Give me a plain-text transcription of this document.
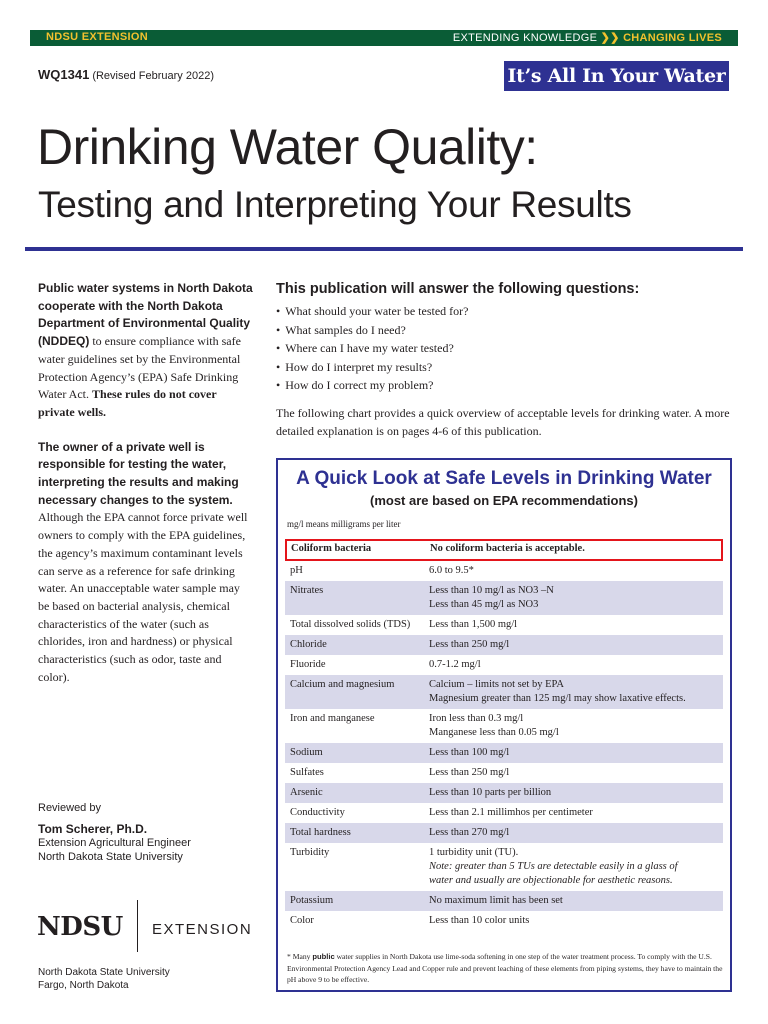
NDSU EXTENSION	EXTENDING KNOWLEDGE ❯❯ CHANGING LIVES
WQ1341 (Revised February 2022)	It’s All In Your Water
Drinking Water Quality:
Testing and Interpreting Your Results

Public water systems in North Dakota cooperate with the North Dakota Department of Environmental Quality (NDDEQ) to ensure compliance with safe water guidelines set by the Environmental Protection Agency’s (EPA) Safe Drinking Water Act. These rules do not cover private wells.

The owner of a private well is responsible for testing the water, interpreting the results and making necessary changes to the system. Although the EPA cannot force private well owners to comply with the EPA guidelines, the agency’s maximum contaminant levels can serve as a reference for safe drinking water. An unacceptable water sample may be based on bacterial analysis, chemical characteristics of the water (such as chlorides, iron and hardness) or physical characteristics (such as odor, taste and color).

Reviewed by
Tom Scherer, Ph.D.
Extension Agricultural Engineer
North Dakota State University
NDSU EXTENSION
North Dakota State University
Fargo, North Dakota
This publication will answer the following questions:
• What should your water be tested for?
• What samples do I need?
• Where can I have my water tested?
• How do I interpret my results?
• How do I correct my problem?

The following chart provides a quick overview of acceptable levels for drinking water. A more detailed explanation is on pages 4-6 of this publication.

A Quick Look at Safe Levels in Drinking Water
(most are based on EPA recommendations)
mg/l means milligrams per liter
Coliform bacteria	No coliform bacteria is acceptable.
pH	6.0 to 9.5*
Nitrates	Less than 10 mg/l as NO3 –N
Less than 45 mg/l as NO3
Total dissolved solids (TDS) Less than 1,500 mg/l
Chloride	Less than 250 mg/l
Fluoride	0.7-1.2 mg/l
Calcium and magnesium	Calcium – limits not set by EPA
Magnesium greater than 125 mg/l may show laxative effects.
Iron and manganese	Iron less than 0.3 mg/l
Manganese less than 0.05 mg/l
Sodium	Less than 100 mg/l
Sulfates	Less than 250 mg/l
Arsenic	Less than 10 parts per billion
Conductivity	Less than 2.1 millimhos per centimeter
Total hardness	Less than 270 mg/l
Turbidity	1 turbidity unit (TU).
Note: greater than 5 TUs are detectable easily in a glass of
water and usually are objectionable for aesthetic reasons.
Potassium	No maximum limit has been set
Color	Less than 10 color units
* Many public water supplies in North Dakota use lime-soda softening in one step of the water treatment process. To comply with the U.S. Environmental Protection Agency Lead and Copper rule and prevent leaching of these elements from piping systems, they have to maintain the pH above 9 to be effective.
